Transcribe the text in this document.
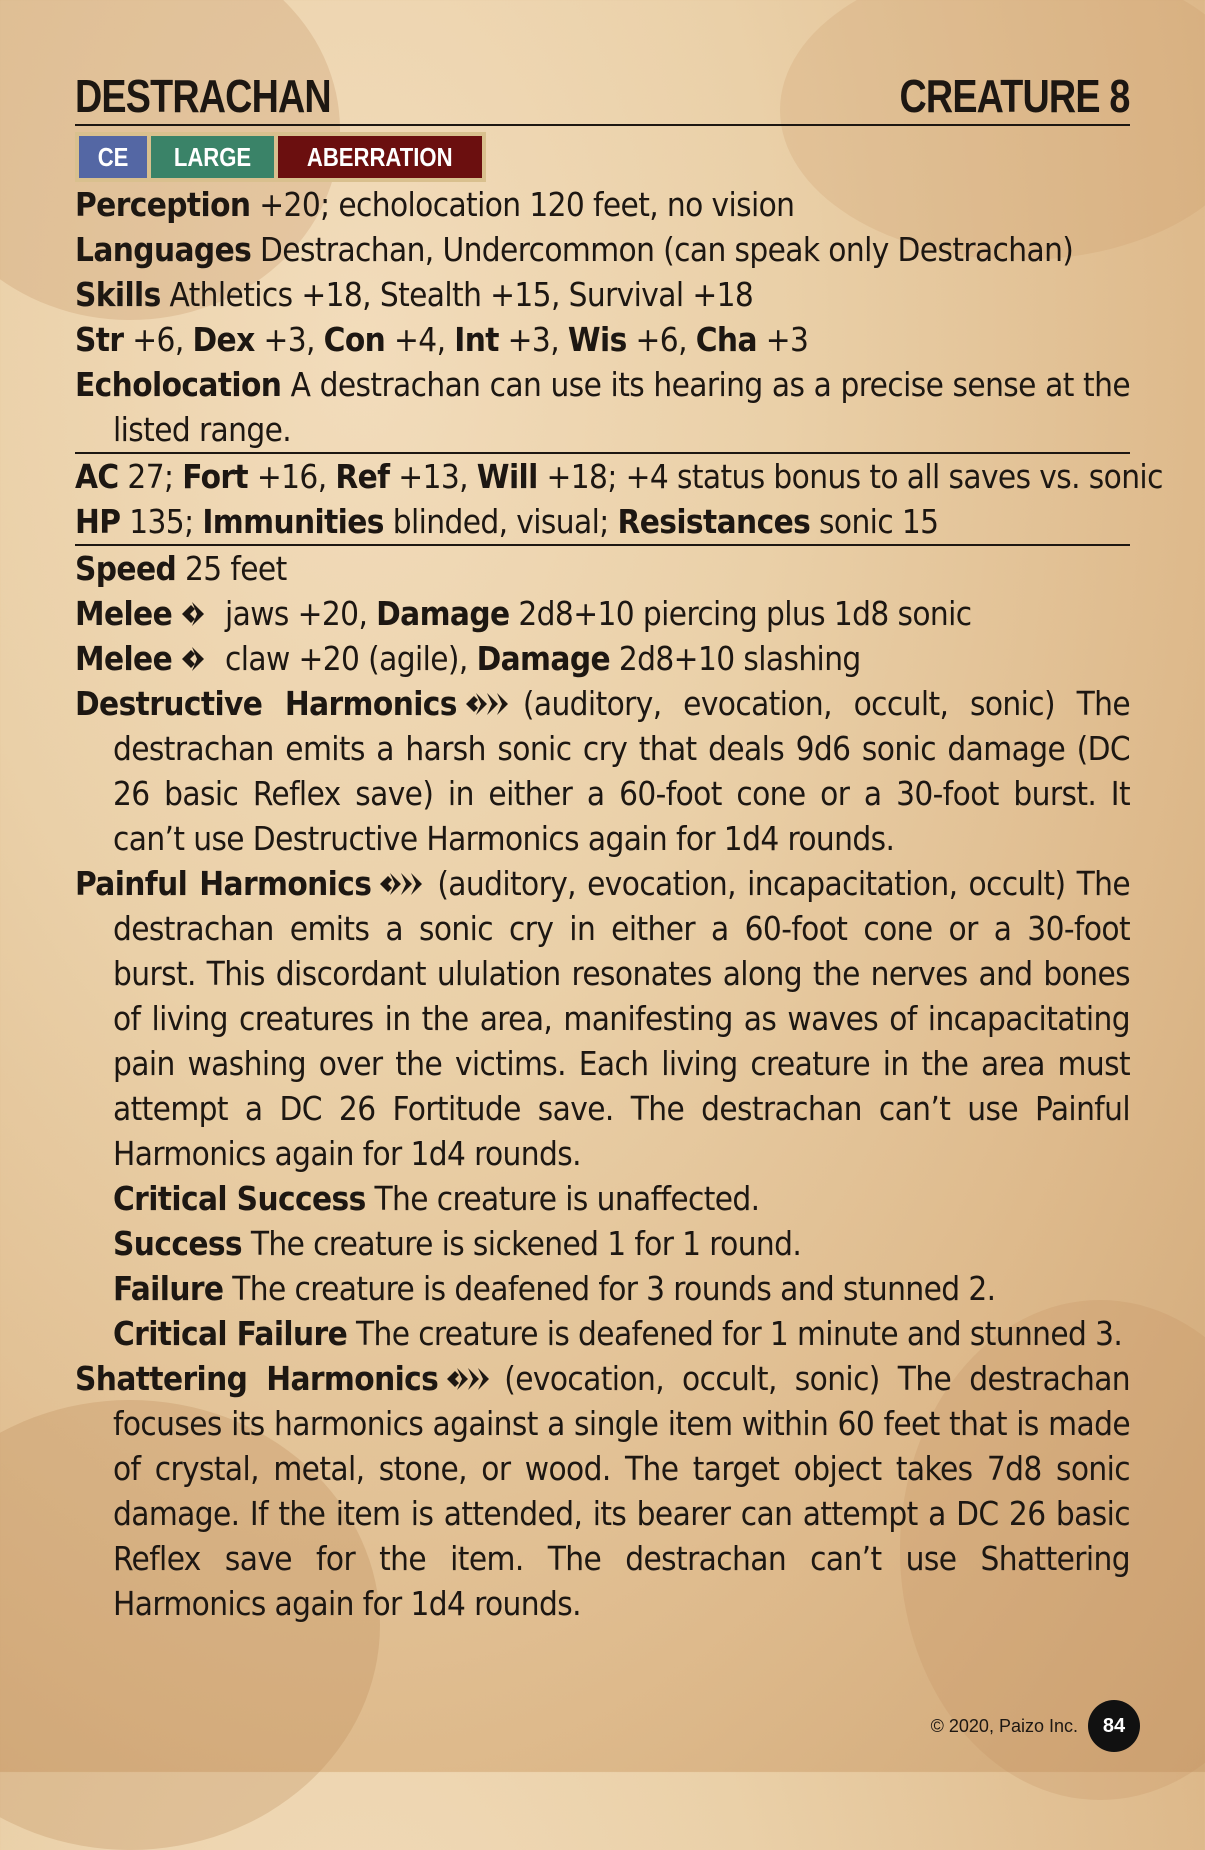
DESTRACHAN	CREATURE 8
CE LARGE ABERRATION
Perception +20; echolocation 120 feet, no vision
Languages Destrachan, Undercommon (can speak only Destrachan)
Skills Athletics +18, Stealth +15, Survival +18
Str +6, Dex +3, Con +4, Int +3, Wis +6, Cha +3
Echolocation A destrachan can use its hearing as a precise sense at the listed range.
AC 27; Fort +16, Ref +13, Will +18; +4 status bonus to all saves vs. sonic
HP 135; Immunities blinded, visual; Resistances sonic 15
Speed 25 feet
Melee jaws +20, Damage 2d8+10 piercing plus 1d8 sonic
Melee claw +20 (agile), Damage 2d8+10 slashing
Destructive Harmonics (auditory, evocation, occult, sonic) The destrachan emits a harsh sonic cry that deals 9d6 sonic damage (DC 26 basic Reflex save) in either a 60-foot cone or a 30-foot burst. It can’t use Destructive Harmonics again for 1d4 rounds.
Painful Harmonics (auditory, evocation, incapacitation, occult) The destrachan emits a sonic cry in either a 60-foot cone or a 30-foot burst. This discordant ululation resonates along the nerves and bones of living creatures in the area, manifesting as waves of incapacitating pain washing over the victims. Each living creature in the area must attempt a DC 26 Fortitude save. The destrachan can’t use Painful Harmonics again for 1d4 rounds.
Critical Success The creature is unaffected.
Success The creature is sickened 1 for 1 round.
Failure The creature is deafened for 3 rounds and stunned 2.
Critical Failure The creature is deafened for 1 minute and stunned 3.
Shattering Harmonics (evocation, occult, sonic) The destrachan focuses its harmonics against a single item within 60 feet that is made of crystal, metal, stone, or wood. The target object takes 7d8 sonic damage. If the item is attended, its bearer can attempt a DC 26 basic Reflex save for the item. The destrachan can’t use Shattering Harmonics again for 1d4 rounds.
© 2020, Paizo Inc.	84
